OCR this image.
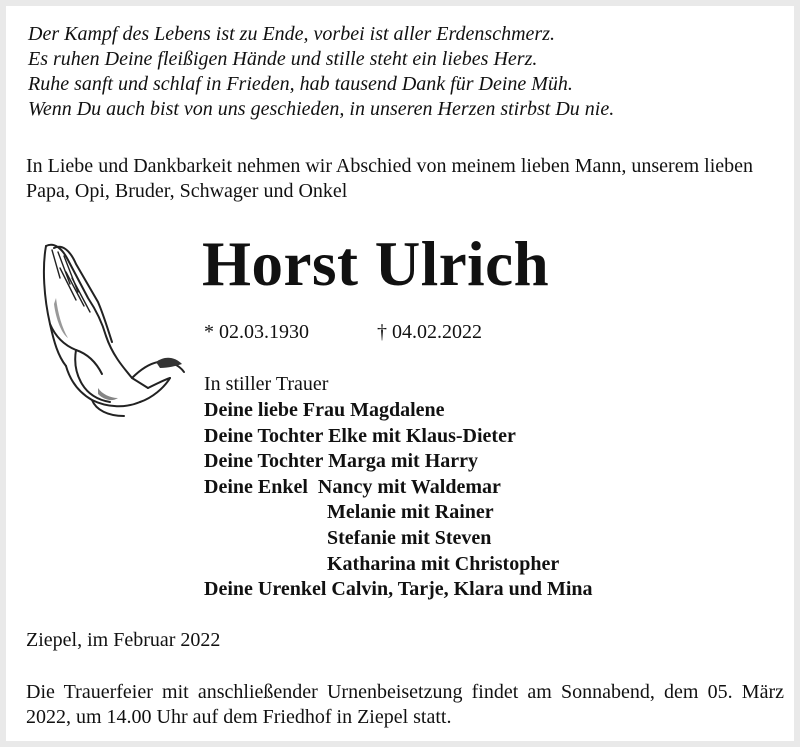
Der Kampf des Lebens ist zu Ende, vorbei ist aller Erdenschmerz.
Es ruhen Deine fleißigen Hände und stille steht ein liebes Herz.
Ruhe sanft und schlaf in Frieden, hab tausend Dank für Deine Müh.
Wenn Du auch bist von uns geschieden, in unseren Herzen stirbst Du nie.
In Liebe und Dankbarkeit nehmen wir Abschied von meinem lieben Mann, unserem lieben Papa, Opi, Bruder, Schwager und Onkel
Horst Ulrich
* 02.03.1930	† 04.02.2022
In stiller Trauer
Deine liebe Frau Magdalene
Deine Tochter Elke mit Klaus-Dieter
Deine Tochter Marga mit Harry
Deine Enkel Nancy mit Waldemar
Melanie mit Rainer
Stefanie mit Steven
Katharina mit Christopher
Deine Urenkel Calvin, Tarje, Klara und Mina
Ziepel, im Februar 2022
Die Trauerfeier mit anschließender Urnenbeisetzung findet am Sonnabend, dem 05. März 2022, um 14.00 Uhr auf dem Friedhof in Ziepel statt.
